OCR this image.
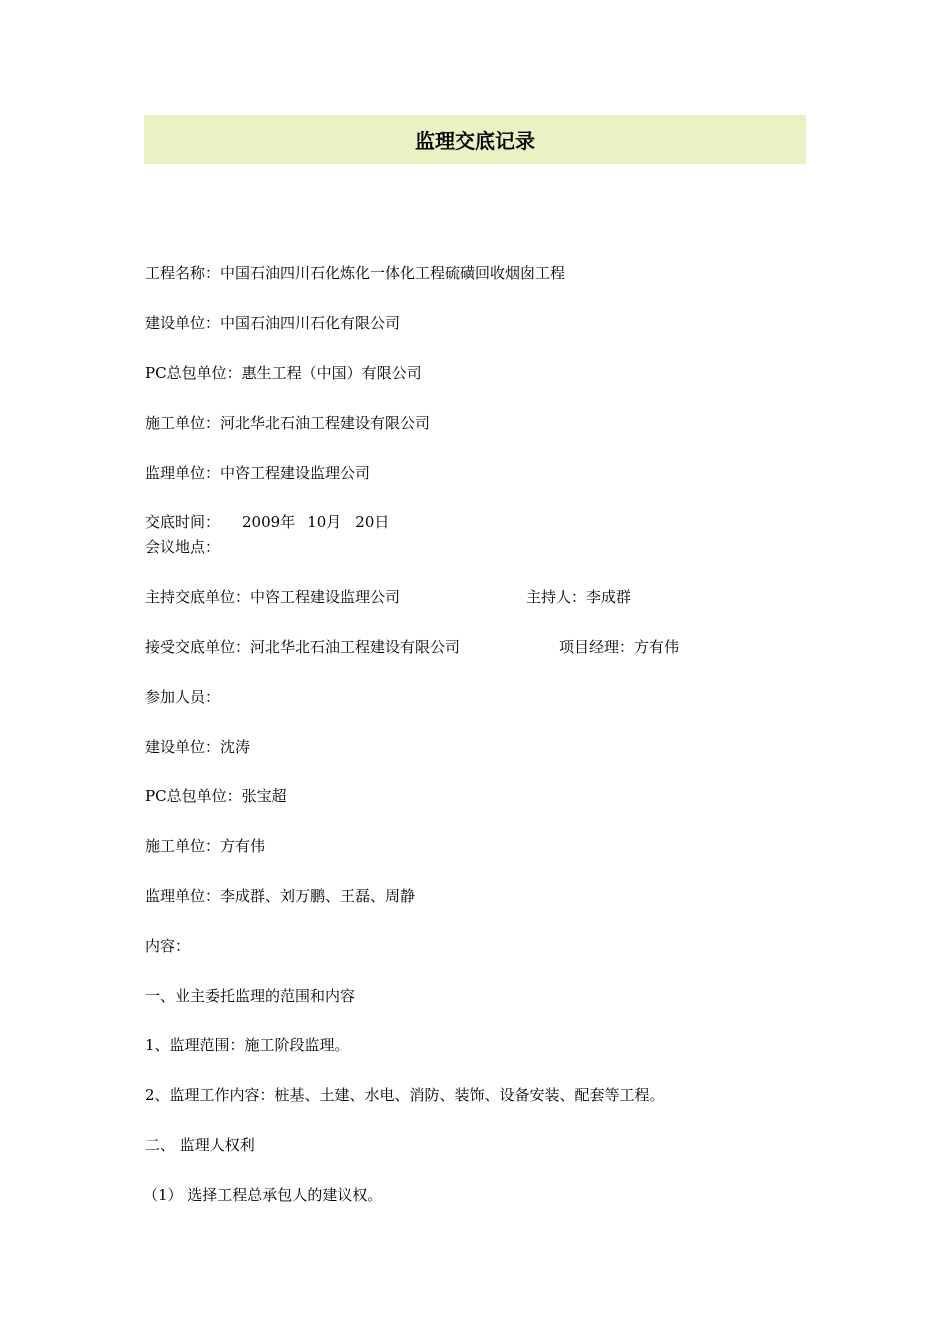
监理交底记录
工程名称：中国石油四川石化炼化一体化工程硫磺回收烟囱工程
建设单位：中国石油四川石化有限公司
PC总包单位：惠生工程（中国）有限公司
施工单位：河北华北石油工程建设有限公司
监理单位：中咨工程建设监理公司
交底时间： 2009年 10月 20日
会议地点：
主持交底单位：中咨工程建设监理公司	主持人：李成群
接受交底单位：河北华北石油工程建设有限公司	项目经理：方有伟
参加人员：
建设单位：沈涛
PC总包单位：张宝超
施工单位：方有伟
监理单位：李成群、刘万鹏、王磊、周静
内容：
一、业主委托监理的范围和内容
1、监理范围：施工阶段监理。
2、监理工作内容：桩基、土建、水电、消防、装饰、设备安装、配套等工程。
二、 监理人权利
（1） 选择工程总承包人的建议权。
